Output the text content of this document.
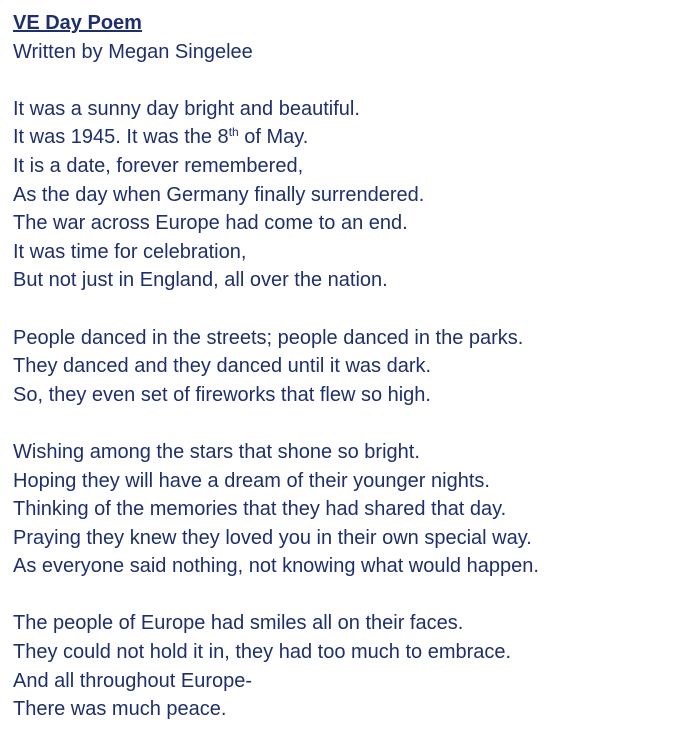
VE Day Poem
Written by Megan Singelee
It was a sunny day bright and beautiful.
It was 1945. It was the 8th of May.
It is a date, forever remembered,
As the day when Germany finally surrendered.
The war across Europe had come to an end.
It was time for celebration,
But not just in England, all over the nation.
People danced in the streets; people danced in the parks.
They danced and they danced until it was dark.
So, they even set of fireworks that flew so high.
Wishing among the stars that shone so bright.
Hoping they will have a dream of their younger nights.
Thinking of the memories that they had shared that day.
Praying they knew they loved you in their own special way.
As everyone said nothing, not knowing what would happen.
The people of Europe had smiles all on their faces.
They could not hold it in, they had too much to embrace.
And all throughout Europe-
There was much peace.
